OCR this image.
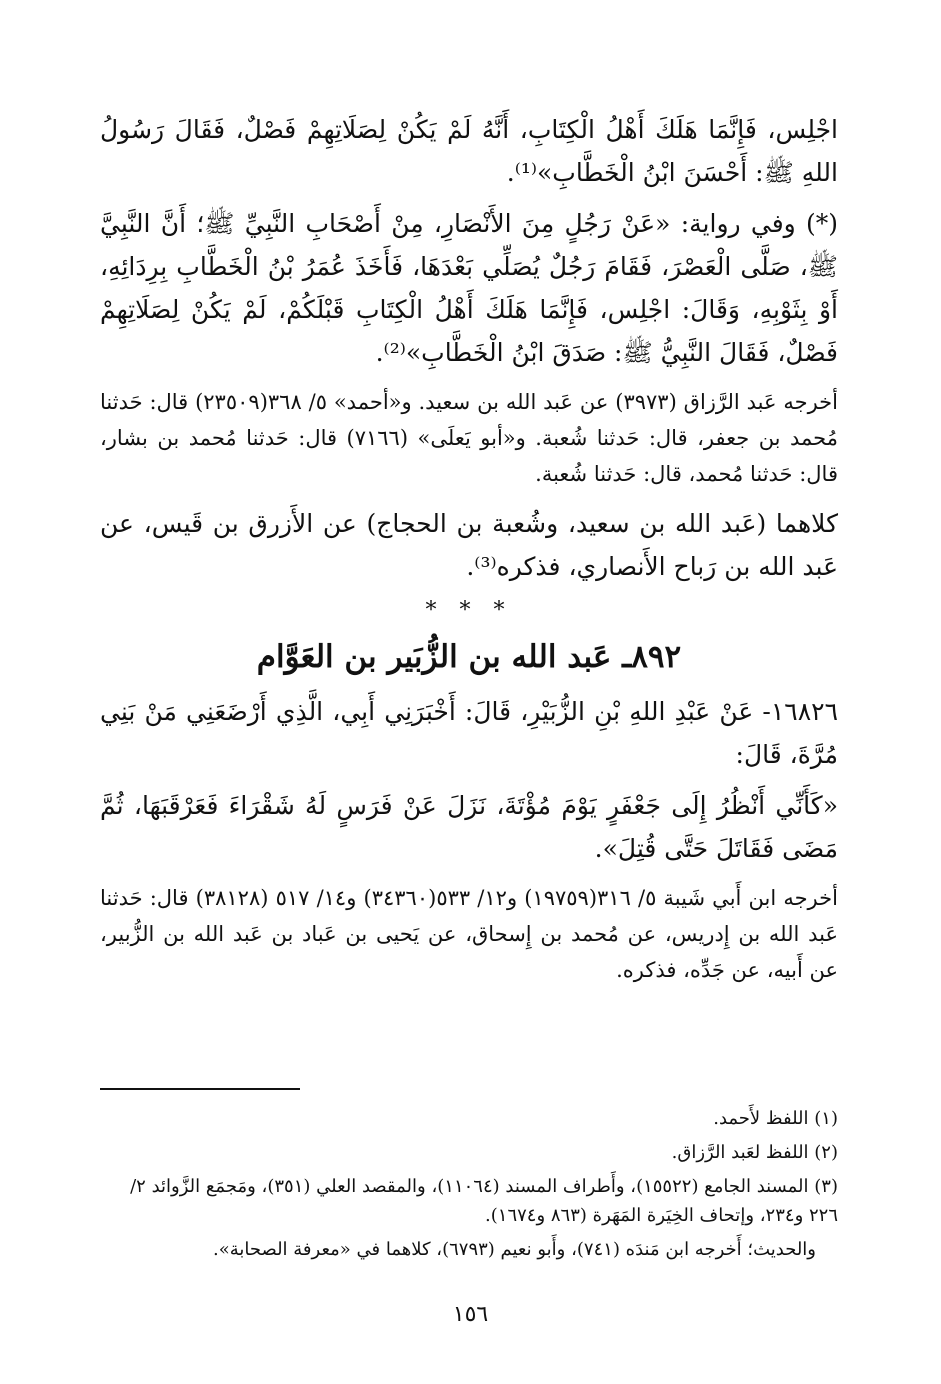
اجْلِس، فَإِنَّمَا هَلَكَ أَهْلُ الْكِتَابِ، أَنَّهُ لَمْ يَكُنْ لِصَلَاتِهِمْ فَصْلٌ، فَقَالَ رَسُولُ اللهِ ﷺ: أَحْسَنَ ابْنُ الْخَطَّابِ»⁽¹⁾.

(*) وفي رواية: «عَنْ رَجُلٍ مِنَ الأَنْصَارِ، مِنْ أَصْحَابِ النَّبِيِّ ﷺ؛ أَنَّ النَّبِيَّ ﷺ، صَلَّى الْعَصْرَ، فَقَامَ رَجُلٌ يُصَلِّي بَعْدَهَا، فَأَخَذَ عُمَرُ بْنُ الْخَطَّابِ بِرِدَائِهِ، أَوْ بِثَوْبِهِ، وَقَالَ: اجْلِس، فَإِنَّمَا هَلَكَ أَهْلُ الْكِتَابِ قَبْلَكُمْ، لَمْ يَكُنْ لِصَلَاتِهِمْ فَصْلٌ، فَقَالَ النَّبِيُّ ﷺ: صَدَقَ ابْنُ الْخَطَّابِ»⁽²⁾.

أخرجه عَبد الرَّزاق (٣٩٧٣) عن عَبد الله بن سعيد. و«أحمد» ٥/ ٣٦٨(٢٣٥٠٩) قال: حَدثنا مُحمد بن جعفر، قال: حَدثنا شُعبة. و«أبو يَعلَى» (٧١٦٦) قال: حَدثنا مُحمد بن بشار، قال: حَدثنا مُحمد، قال: حَدثنا شُعبة.

كلاهما (عَبد الله بن سعيد، وشُعبة بن الحجاج) عن الأَزرق بن قَيس، عن عَبد الله بن رَباح الأَنصاري، فذكره⁽³⁾.

* * *
٨٩٢ـ عَبد الله بن الزُّبَير بن العَوَّام

١٦٨٢٦- عَنْ عَبْدِ اللهِ بْنِ الزُّبَيْرِ، قَالَ: أَخْبَرَنِي أَبِي، الَّذِي أَرْضَعَنِي مَنْ بَنِي مُرَّةَ، قَالَ:

«كَأَنِّي أَنْظُرُ إِلَى جَعْفَرٍ يَوْمَ مُؤْتَةَ، نَزَلَ عَنْ فَرَسٍ لَهُ شَقْرَاءَ فَعَرْقَبَهَا، ثُمَّ مَضَى فَقَاتَلَ حَتَّى قُتِلَ».

أخرجه ابن أَبي شَيبة ٥/ ٣١٦(١٩٧٥٩) و١٢/ ٥٣٣(٣٤٣٦٠) و١٤/ ٥١٧ (٣٨١٢٨) قال: حَدثنا عَبد الله بن إِدريس، عن مُحمد بن إِسحاق، عن يَحيى بن عَباد بن عَبد الله بن الزُّبير، عن أَبيه، عن جَدِّه، فذكره.

(١) اللفظ لأَحمد.

(٢) اللفظ لعَبد الرَّزاق.

(٣) المسند الجامع (١٥٥٢٢)، وأَطراف المسند (١١٠٦٤)، والمقصد العلي (٣٥١)، ومَجمَع الزَّوائد ٢/ ٢٢٦ و٢٣٤، وإتحاف الخِيَرة المَهَرة (٨٦٣ و١٦٧٤).

والحديث؛ أَخرجه ابن مَندَه (٧٤١)، وأَبو نعيم (٦٧٩٣)، كلاهما في «معرفة الصحابة».

١٥٦
